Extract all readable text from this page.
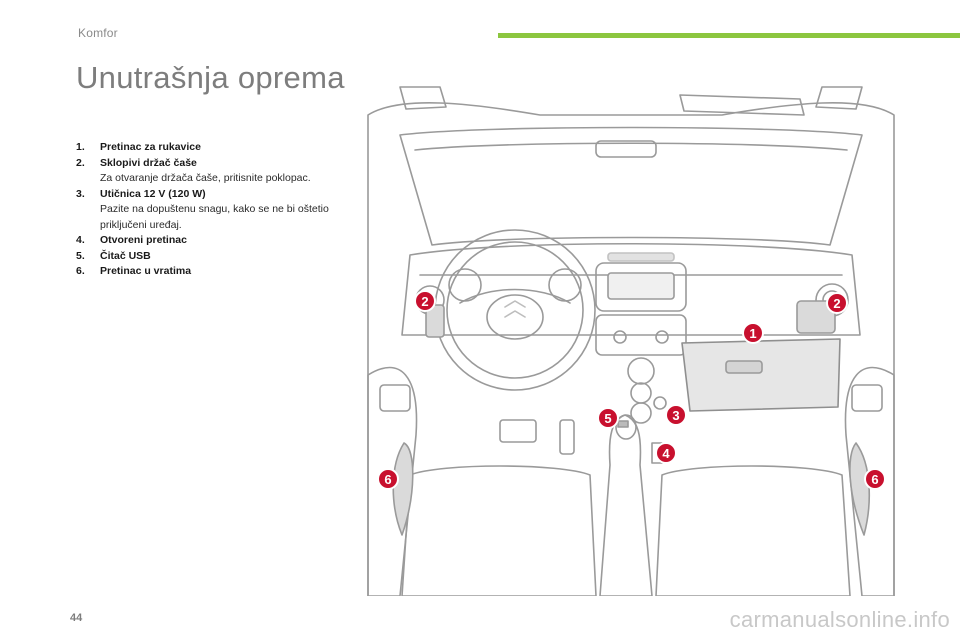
Komfor
Unutrašnja oprema
1. Pretinac za rukavice
2. Sklopivi držač čaše
Za otvaranje držača čaše, pritisnite poklopac.
3. Utičnica 12 V (120 W)
Pazite na dopuštenu snagu, kako se ne bi oštetio priključeni uređaj.
4. Otvoreni pretinac
5. Čitač USB
6. Pretinac u vratima
1
2	2
3
4
5
6	6
44	carmanualsonline.info
